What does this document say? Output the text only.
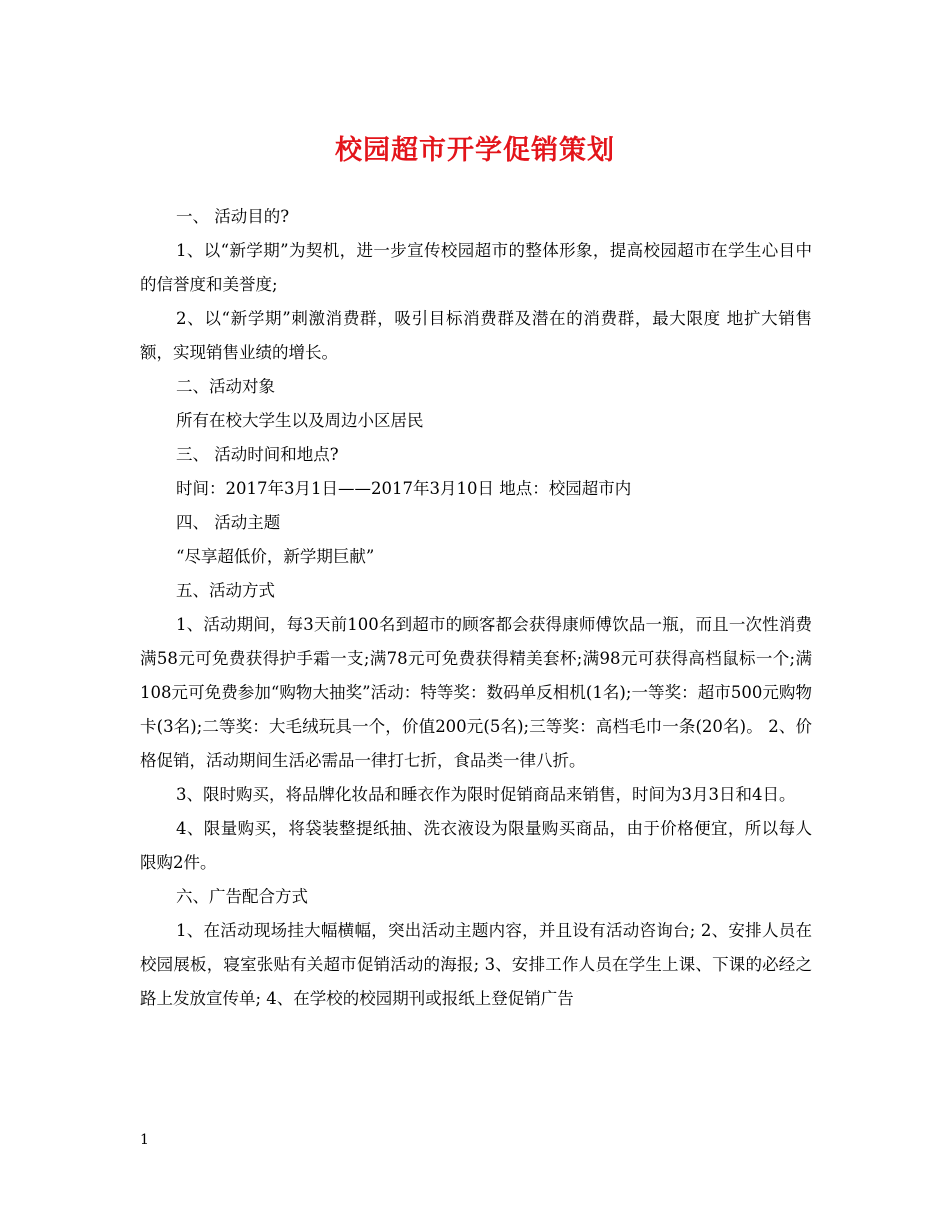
校园超市开学促销策划

一、 活动目的?

1、以“新学期”为契机，进一步宣传校园超市的整体形象，提高校园超市在学生心目中的信誉度和美誉度;

2、以“新学期”刺激消费群，吸引目标消费群及潜在的消费群，最大限度 地扩大销售额，实现销售业绩的增长。

二、活动对象

所有在校大学生以及周边小区居民

三、 活动时间和地点?

时间：2017年3月1日——2017年3月10日 地点：校园超市内

四、 活动主题

“尽享超低价，新学期巨献”

五、活动方式

1、活动期间，每3天前100名到超市的顾客都会获得康师傅饮品一瓶，而且一次性消费满58元可免费获得护手霜一支;满78元可免费获得精美套杯;满98元可获得高档鼠标一个;满108元可免费参加“购物大抽奖”活动：特等奖：数码单反相机(1名);一等奖：超市500元购物卡(3名);二等奖：大毛绒玩具一个，价值200元(5名);三等奖：高档毛巾一条(20名)。 2、价格促销，活动期间生活必需品一律打七折，食品类一律八折。

3、限时购买，将品牌化妆品和睡衣作为限时促销商品来销售，时间为3月3日和4日。

4、限量购买，将袋装整提纸抽、洗衣液设为限量购买商品，由于价格便宜，所以每人限购2件。

六、广告配合方式

1、在活动现场挂大幅横幅，突出活动主题内容，并且设有活动咨询台; 2、安排人员在校园展板，寝室张贴有关超市促销活动的海报; 3、安排工作人员在学生上课、下课的必经之路上发放宣传单; 4、在学校的校园期刊或报纸上登促销广告

1
